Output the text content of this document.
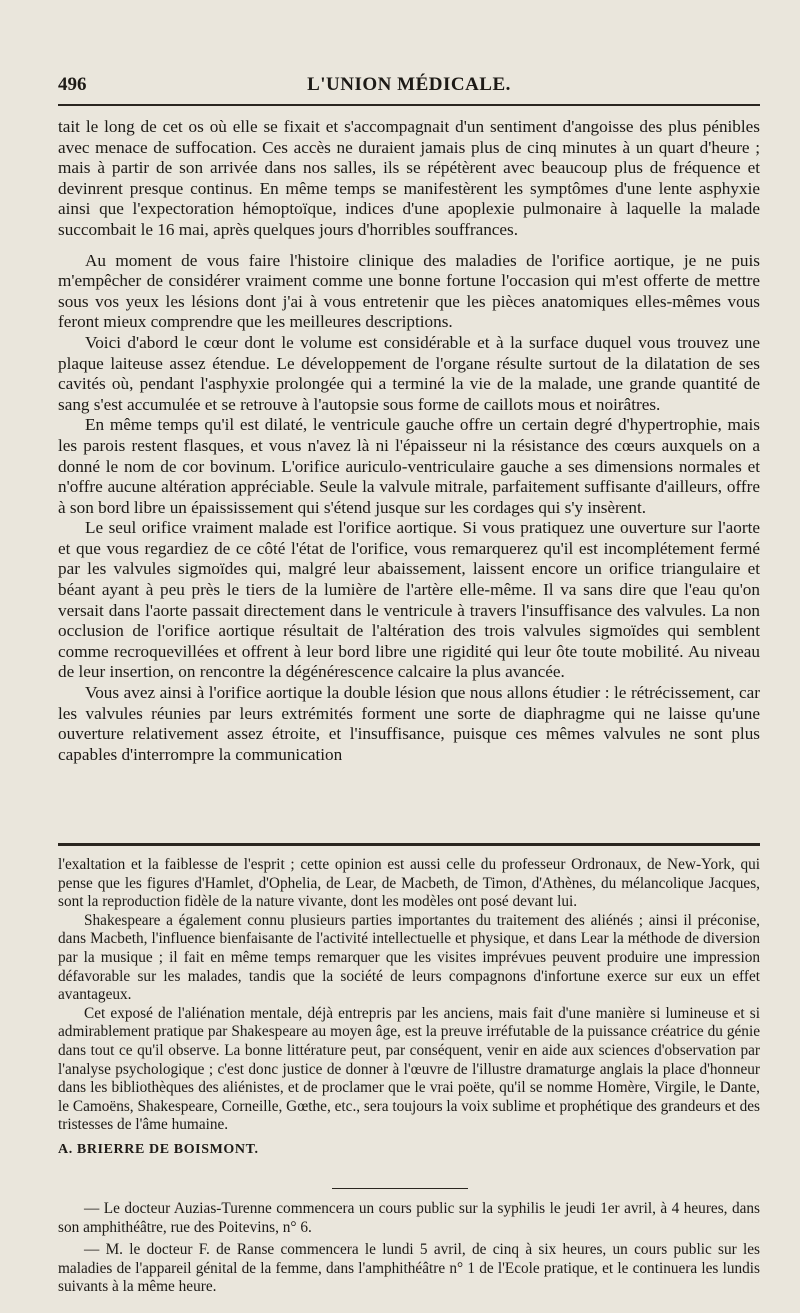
496	L'UNION MÉDICALE.

tait le long de cet os où elle se fixait et s'accompagnait d'un sentiment d'angoisse des plus pénibles avec menace de suffocation. Ces accès ne duraient jamais plus de cinq minutes à un quart d'heure ; mais à partir de son arrivée dans nos salles, ils se répétèrent avec beaucoup plus de fréquence et devinrent presque continus. En même temps se manifestèrent les symptômes d'une lente asphyxie ainsi que l'expectoration hémoptoïque, indices d'une apoplexie pulmonaire à laquelle la malade succombait le 16 mai, après quelques jours d'horribles souffrances.

Au moment de vous faire l'histoire clinique des maladies de l'orifice aortique, je ne puis m'empêcher de considérer vraiment comme une bonne fortune l'occasion qui m'est offerte de mettre sous vos yeux les lésions dont j'ai à vous entretenir que les pièces anatomiques elles-mêmes vous feront mieux comprendre que les meilleures descriptions.

Voici d'abord le cœur dont le volume est considérable et à la surface duquel vous trouvez une plaque laiteuse assez étendue. Le développement de l'organe résulte surtout de la dilatation de ses cavités où, pendant l'asphyxie prolongée qui a terminé la vie de la malade, une grande quantité de sang s'est accumulée et se retrouve à l'autopsie sous forme de caillots mous et noirâtres.

En même temps qu'il est dilaté, le ventricule gauche offre un certain degré d'hypertrophie, mais les parois restent flasques, et vous n'avez là ni l'épaisseur ni la résistance des cœurs auxquels on a donné le nom de cor bovinum. L'orifice auriculo-ventriculaire gauche a ses dimensions normales et n'offre aucune altération appréciable. Seule la valvule mitrale, parfaitement suffisante d'ailleurs, offre à son bord libre un épaississement qui s'étend jusque sur les cordages qui s'y insèrent.

Le seul orifice vraiment malade est l'orifice aortique. Si vous pratiquez une ouverture sur l'aorte et que vous regardiez de ce côté l'état de l'orifice, vous remarquerez qu'il est incomplétement fermé par les valvules sigmoïdes qui, malgré leur abaissement, laissent encore un orifice triangulaire et béant ayant à peu près le tiers de la lumière de l'artère elle-même. Il va sans dire que l'eau qu'on versait dans l'aorte passait directement dans le ventricule à travers l'insuffisance des valvules. La non occlusion de l'orifice aortique résultait de l'altération des trois valvules sigmoïdes qui semblent comme recroquevillées et offrent à leur bord libre une rigidité qui leur ôte toute mobilité. Au niveau de leur insertion, on rencontre la dégénérescence calcaire la plus avancée.

Vous avez ainsi à l'orifice aortique la double lésion que nous allons étudier : le rétrécissement, car les valvules réunies par leurs extrémités forment une sorte de diaphragme qui ne laisse qu'une ouverture relativement assez étroite, et l'insuffisance, puisque ces mêmes valvules ne sont plus capables d'interrompre la communication

l'exaltation et la faiblesse de l'esprit ; cette opinion est aussi celle du professeur Ordronaux, de New-York, qui pense que les figures d'Hamlet, d'Ophelia, de Lear, de Macbeth, de Timon, d'Athènes, du mélancolique Jacques, sont la reproduction fidèle de la nature vivante, dont les modèles ont posé devant lui.

Shakespeare a également connu plusieurs parties importantes du traitement des aliénés ; ainsi il préconise, dans Macbeth, l'influence bienfaisante de l'activité intellectuelle et physique, et dans Lear la méthode de diversion par la musique ; il fait en même temps remarquer que les visites imprévues peuvent produire une impression défavorable sur les malades, tandis que la société de leurs compagnons d'infortune exerce sur eux un effet avantageux.

Cet exposé de l'aliénation mentale, déjà entrepris par les anciens, mais fait d'une manière si lumineuse et si admirablement pratique par Shakespeare au moyen âge, est la preuve irréfutable de la puissance créatrice du génie dans tout ce qu'il observe. La bonne littérature peut, par conséquent, venir en aide aux sciences d'observation par l'analyse psychologique ; c'est donc justice de donner à l'œuvre de l'illustre dramaturge anglais la place d'honneur dans les bibliothèques des aliénistes, et de proclamer que le vrai poëte, qu'il se nomme Homère, Virgile, le Dante, le Camoëns, Shakespeare, Corneille, Gœthe, etc., sera toujours la voix sublime et prophétique des grandeurs et des tristesses de l'âme humaine.

A. BRIERRE DE BOISMONT.

— Le docteur Auzias-Turenne commencera un cours public sur la syphilis le jeudi 1er avril, à 4 heures, dans son amphithéâtre, rue des Poitevins, n° 6.

— M. le docteur F. de Ranse commencera le lundi 5 avril, de cinq à six heures, un cours public sur les maladies de l'appareil génital de la femme, dans l'amphithéâtre n° 1 de l'Ecole pratique, et le continuera les lundis suivants à la même heure.
